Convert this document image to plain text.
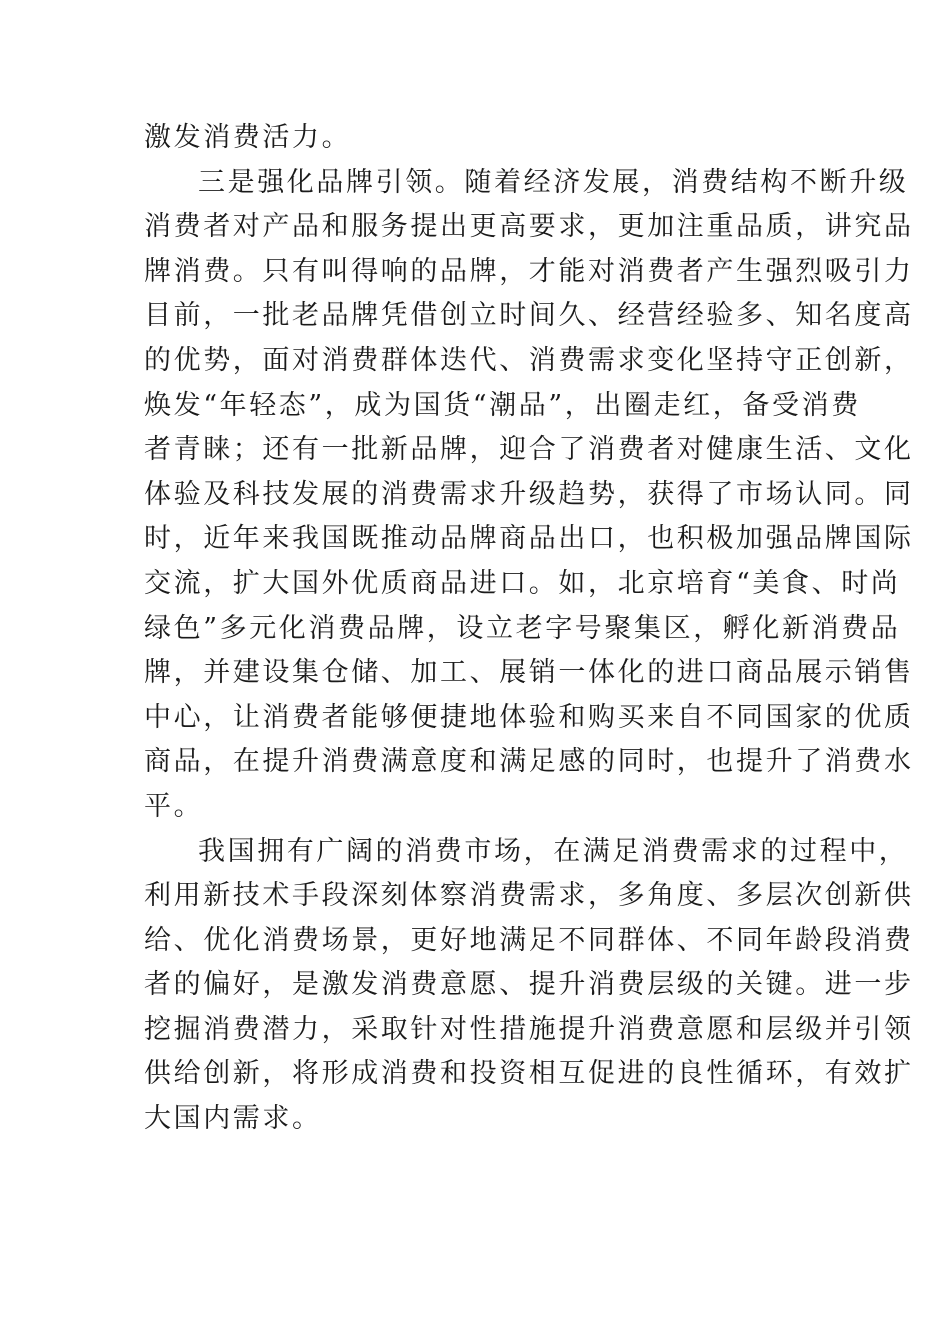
激发消费活力。
三是强化品牌引领。随着经济发展，消费结构不断升级
消费者对产品和服务提出更高要求，更加注重品质，讲究品
牌消费。只有叫得响的品牌，才能对消费者产生强烈吸引力
目前，一批老品牌凭借创立时间久、经营经验多、知名度高
的优势，面对消费群体迭代、消费需求变化坚持守正创新，
焕发“年轻态”，成为国货“潮品”，出圈走红，备受消费
者青睐；还有一批新品牌，迎合了消费者对健康生活、文化
体验及科技发展的消费需求升级趋势，获得了市场认同。同
时，近年来我国既推动品牌商品出口，也积极加强品牌国际
交流，扩大国外优质商品进口。如，北京培育“美食、时尚
绿色”多元化消费品牌，设立老字号聚集区，孵化新消费品
牌，并建设集仓储、加工、展销一体化的进口商品展示销售
中心，让消费者能够便捷地体验和购买来自不同国家的优质
商品，在提升消费满意度和满足感的同时，也提升了消费水
平。
我国拥有广阔的消费市场，在满足消费需求的过程中，
利用新技术手段深刻体察消费需求，多角度、多层次创新供
给、优化消费场景，更好地满足不同群体、不同年龄段消费
者的偏好，是激发消费意愿、提升消费层级的关键。进一步
挖掘消费潜力，采取针对性措施提升消费意愿和层级并引领
供给创新，将形成消费和投资相互促进的良性循环，有效扩
大国内需求。
